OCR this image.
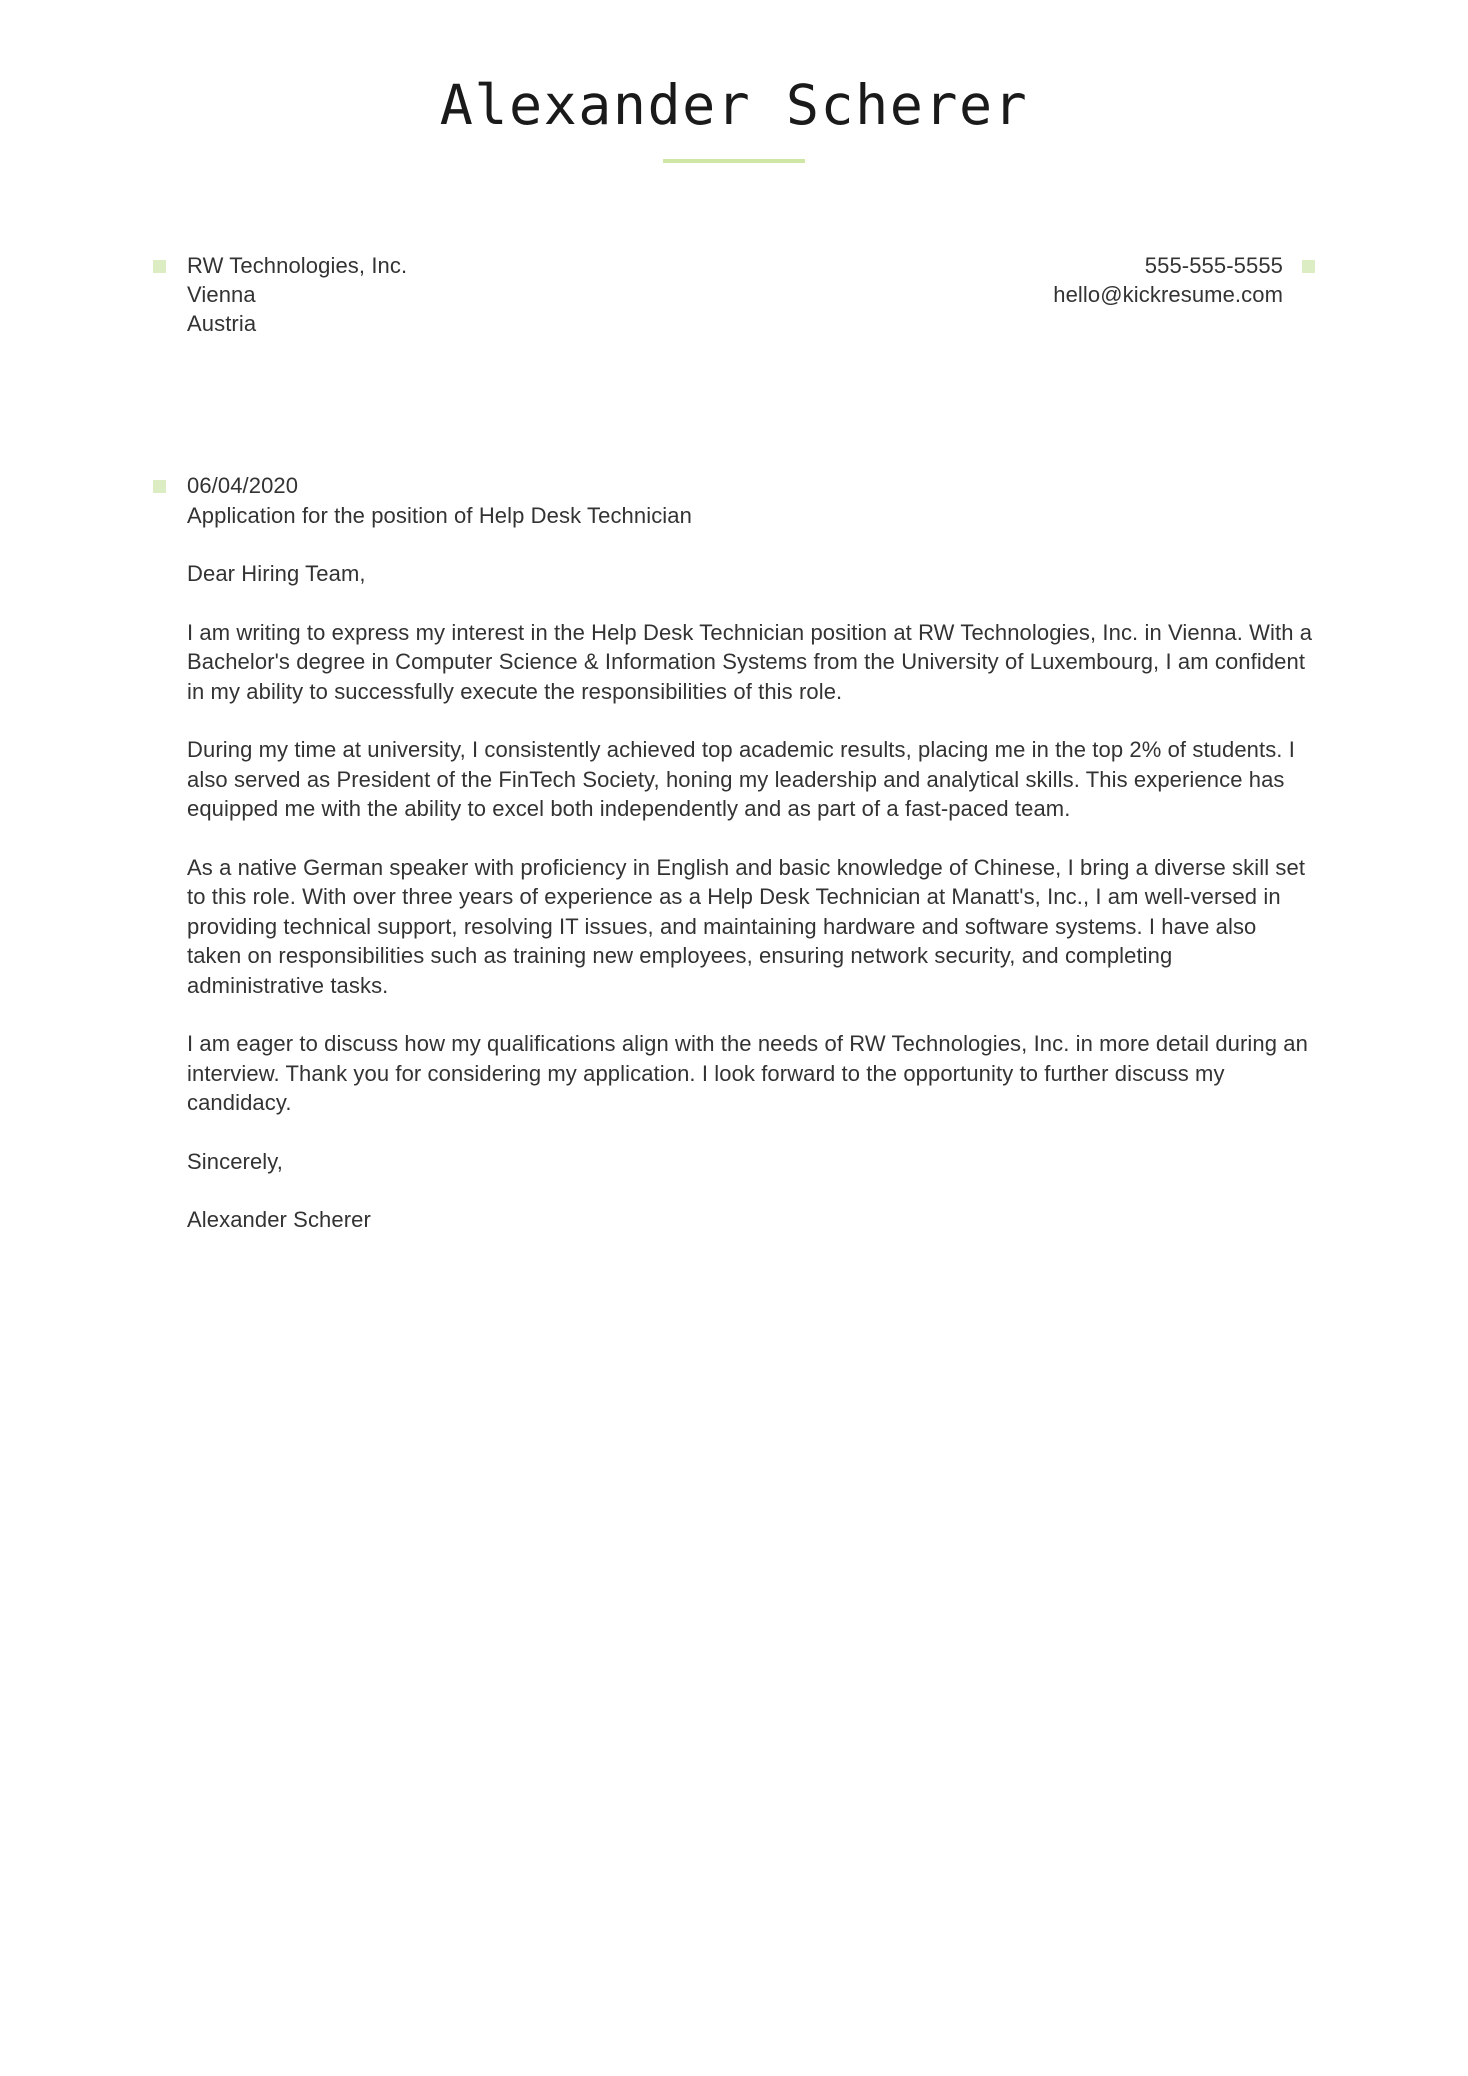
Alexander Scherer
RW Technologies, Inc.
Vienna
Austria
555-555-5555
hello@kickresume.com
06/04/2020

Application for the position of Help Desk Technician

Dear Hiring Team,

I am writing to express my interest in the Help Desk Technician position at RW Technologies, Inc. in Vienna. With a Bachelor's degree in Computer Science & Information Systems from the University of Luxembourg, I am confident in my ability to successfully execute the responsibilities of this role.

During my time at university, I consistently achieved top academic results, placing me in the top 2% of students. I also served as President of the FinTech Society, honing my leadership and analytical skills. This experience has equipped me with the ability to excel both independently and as part of a fast-paced team.

As a native German speaker with proficiency in English and basic knowledge of Chinese, I bring a diverse skill set to this role. With over three years of experience as a Help Desk Technician at Manatt's, Inc., I am well-versed in providing technical support, resolving IT issues, and maintaining hardware and software systems. I have also taken on responsibilities such as training new employees, ensuring network security, and completing administrative tasks.

I am eager to discuss how my qualifications align with the needs of RW Technologies, Inc. in more detail during an interview. Thank you for considering my application. I look forward to the opportunity to further discuss my candidacy.

Sincerely,

Alexander Scherer
